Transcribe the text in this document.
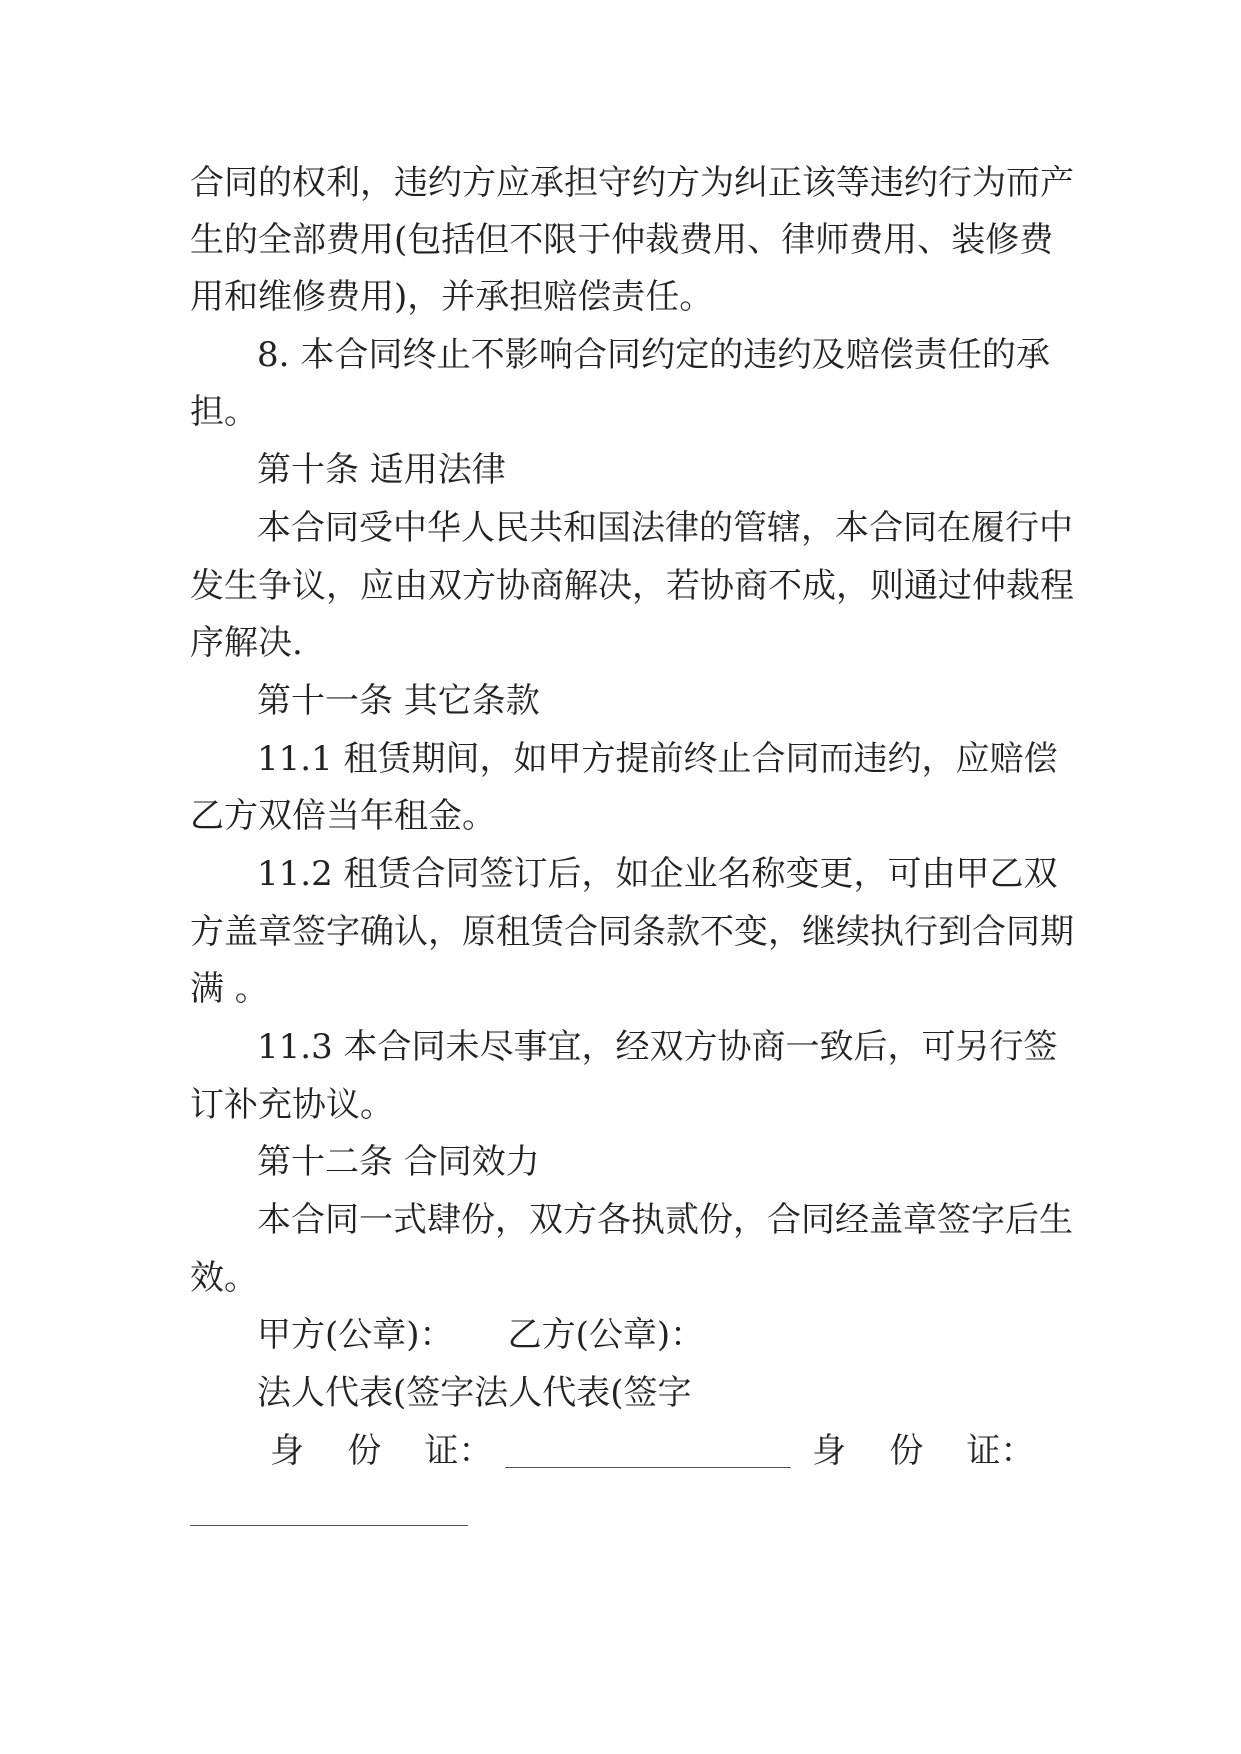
合同的权利，违约方应承担守约方为纠正该等违约行为而产
生的全部费用(包括但不限于仲裁费用、律师费用、装修费
用和维修费用)，并承担赔偿责任。
8. 本合同终止不影响合同约定的违约及赔偿责任的承
担。
第十条 适用法律
本合同受中华人民共和国法律的管辖，本合同在履行中
发生争议，应由双方协商解决，若协商不成，则通过仲裁程
序解决.
第十一条 其它条款
11.1 租赁期间，如甲方提前终止合同而违约，应赔偿
乙方双倍当年租金。
11.2 租赁合同签订后，如企业名称变更，可由甲乙双
方盖章签字确认，原租赁合同条款不变，继续执行到合同期
满 。
11.3 本合同未尽事宜，经双方协商一致后，可另行签
订补充协议。
第十二条 合同效力
本合同一式肆份，双方各执贰份，合同经盖章签字后生
效。
甲方(公章)：     乙方(公章)：
法人代表(签字法人代表(签字
身    份    证：	身    份    证：
